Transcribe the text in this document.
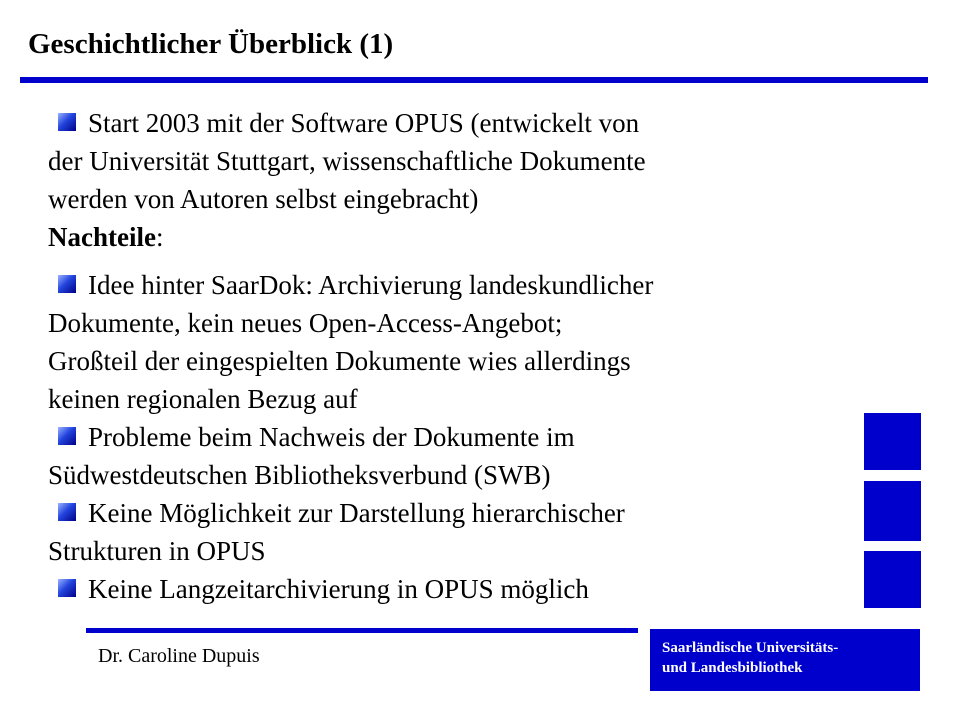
Geschichtlicher Überblick (1)
Start 2003 mit der Software OPUS (entwickelt von
der Universität Stuttgart, wissenschaftliche Dokumente
werden von Autoren selbst eingebracht)
Nachteile:
Idee hinter SaarDok: Archivierung landeskundlicher
Dokumente, kein neues Open-Access-Angebot;
Großteil der eingespielten Dokumente wies allerdings
keinen regionalen Bezug auf
Probleme beim Nachweis der Dokumente im
Südwestdeutschen Bibliotheksverbund (SWB)
Keine Möglichkeit zur Darstellung hierarchischer
Strukturen in OPUS
Keine Langzeitarchivierung in OPUS möglich
Dr. Caroline Dupuis	Saarländische Universitäts-
und Landesbibliothek
